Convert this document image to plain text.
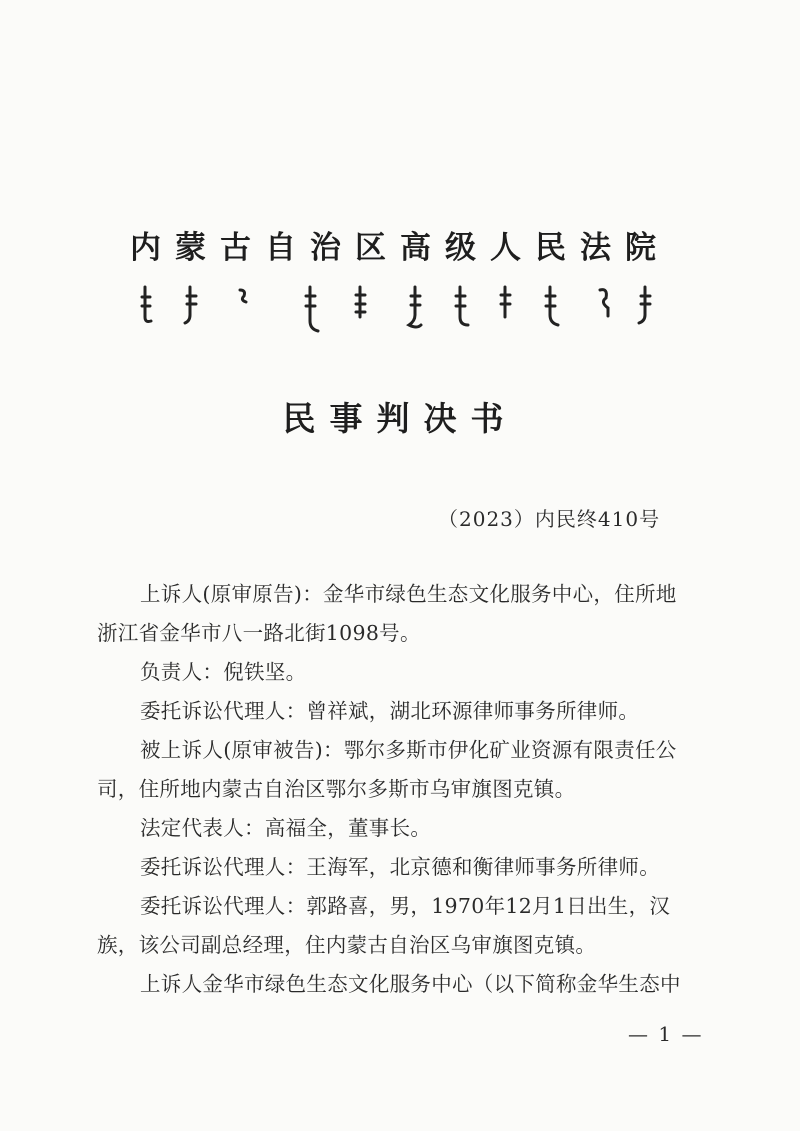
内蒙古自治区高级人民法院
民事判决书
（2023）内民终410号
上诉人(原审原告)：金华市绿色生态文化服务中心，住所地
浙江省金华市八一路北街1098号。
负责人：倪铁坚。
委托诉讼代理人：曾祥斌，湖北环源律师事务所律师。
被上诉人(原审被告)：鄂尔多斯市伊化矿业资源有限责任公
司，住所地内蒙古自治区鄂尔多斯市乌审旗图克镇。
法定代表人：高福全，董事长。
委托诉讼代理人：王海军，北京德和衡律师事务所律师。
委托诉讼代理人：郭路喜，男，1970年12月1日出生，汉
族，该公司副总经理，住内蒙古自治区乌审旗图克镇。
上诉人金华市绿色生态文化服务中心（以下简称金华生态中
— 1 —
